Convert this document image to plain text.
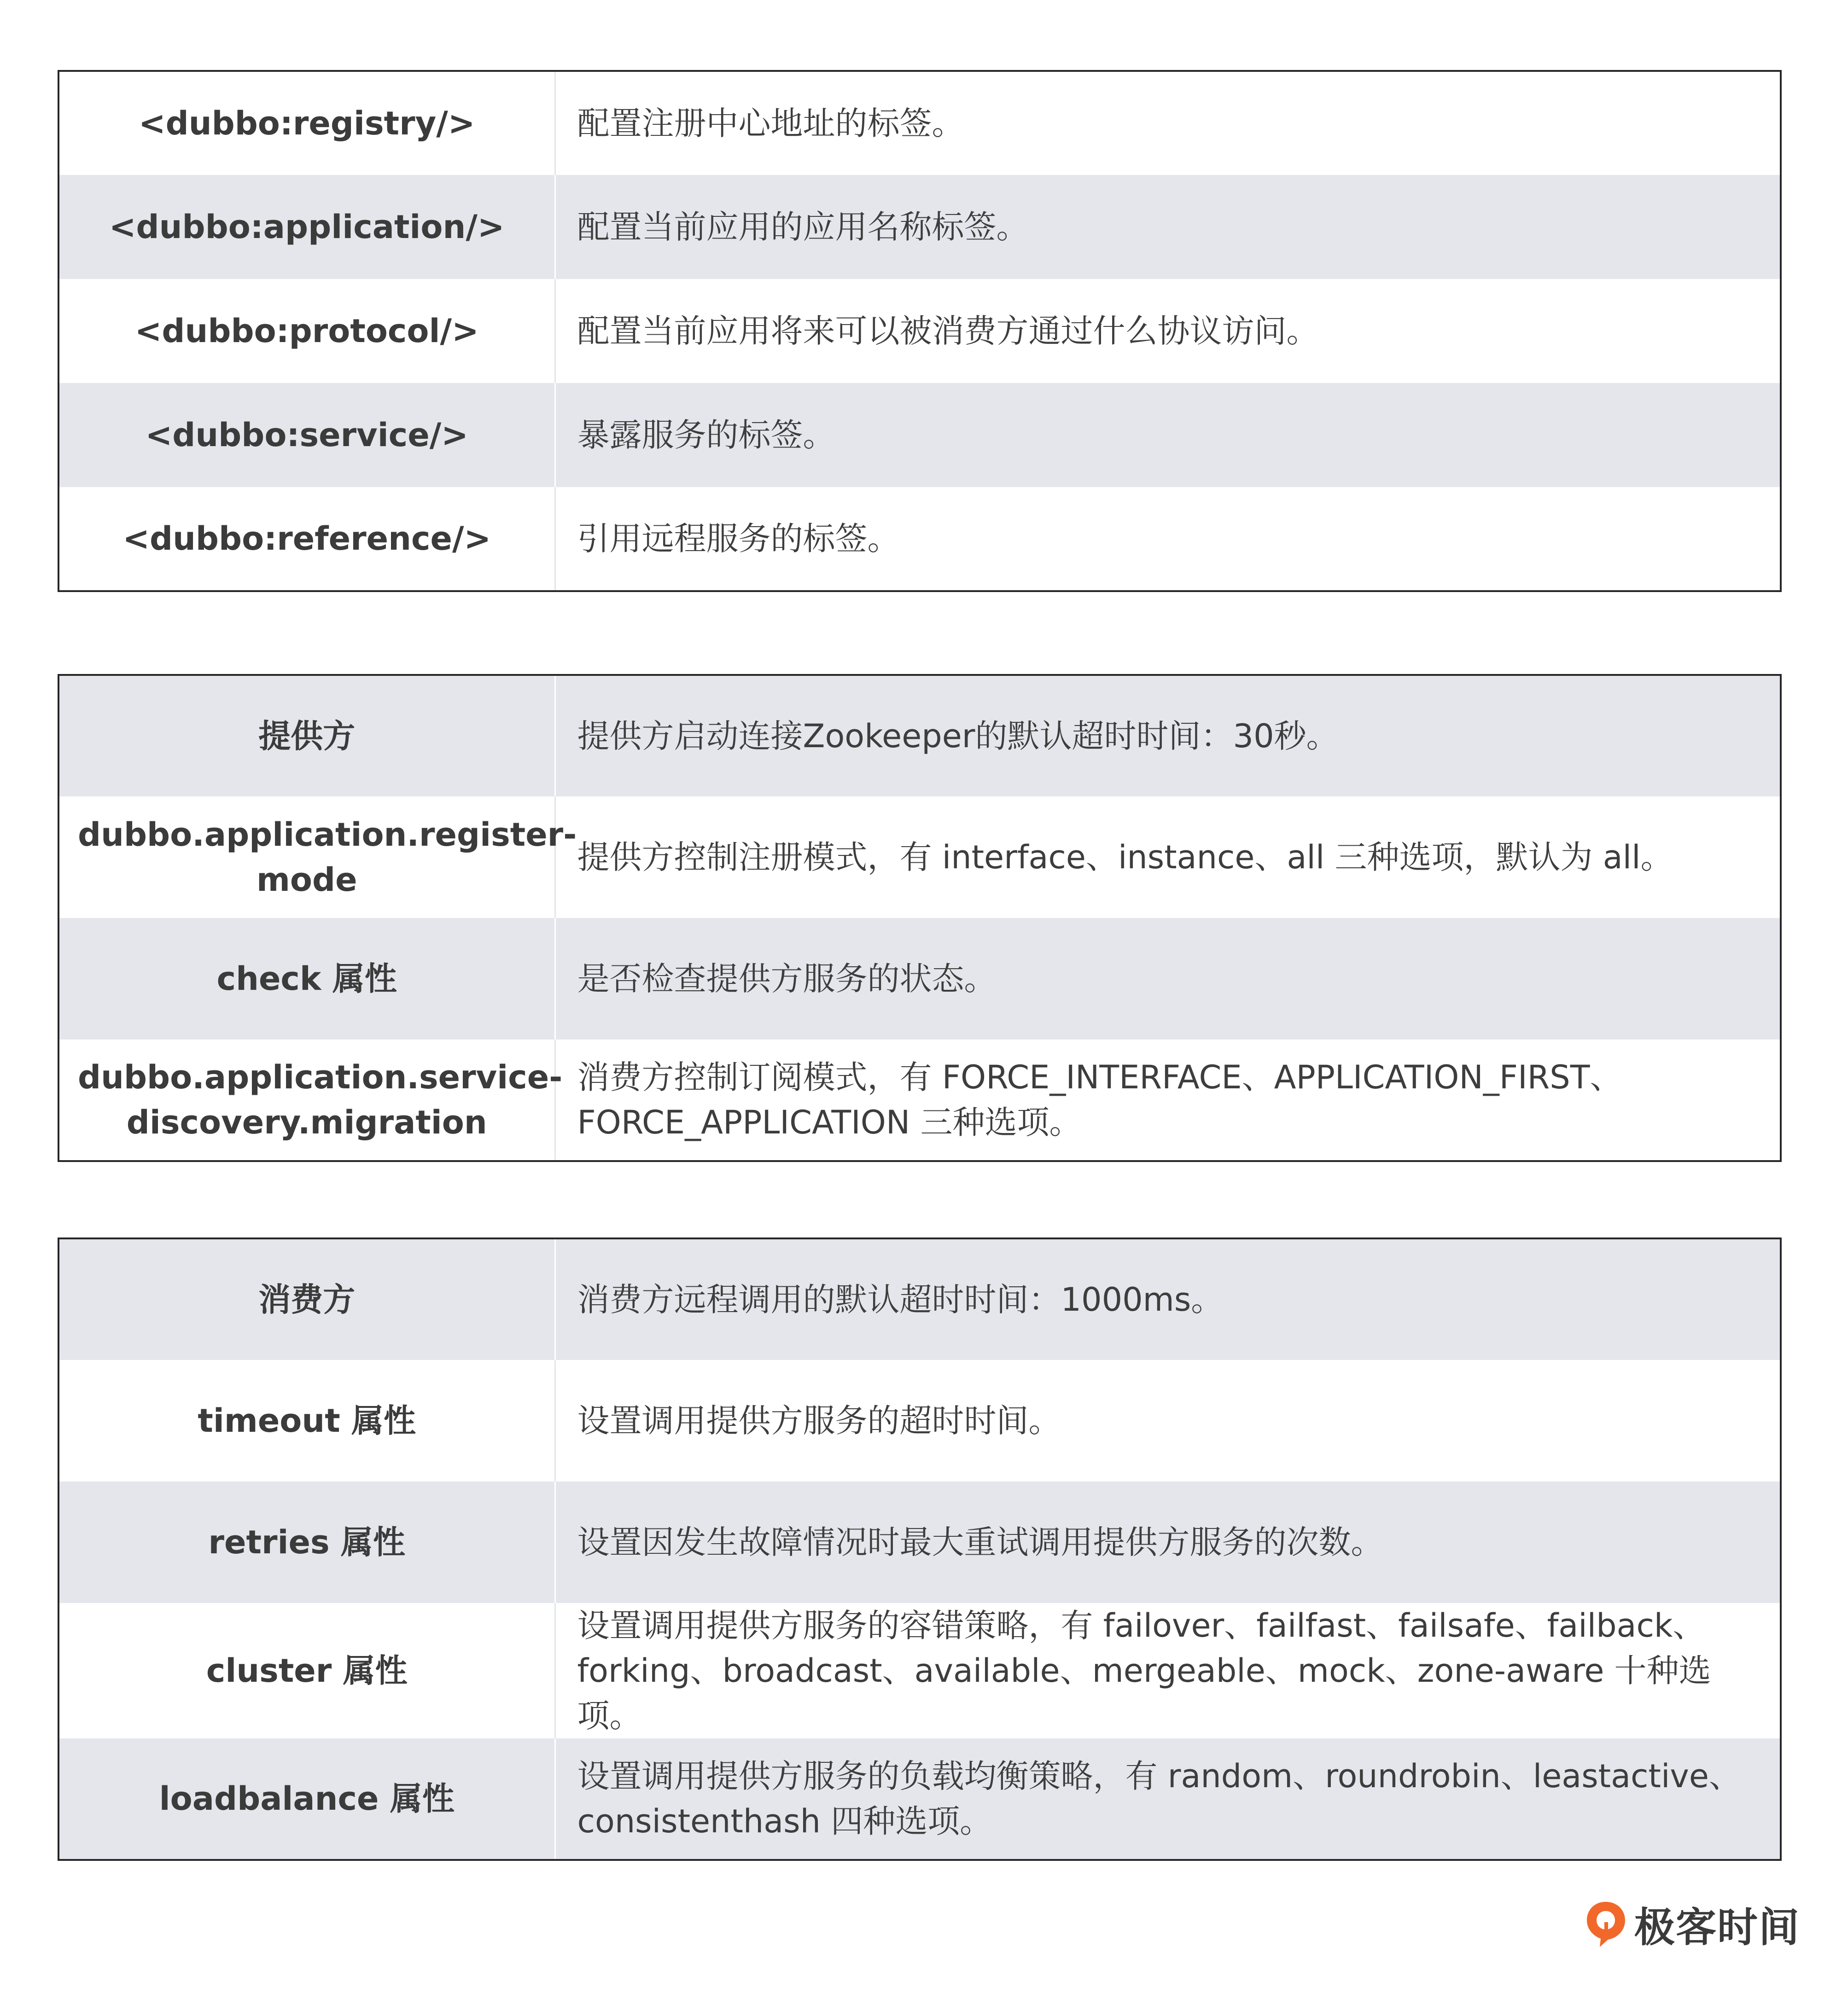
<dubbo:registry/>	配置注册中心地址的标签。
<dubbo:application/>	配置当前应用的应用名称标签。
<dubbo:protocol/>	配置当前应用将来可以被消费方通过什么协议访问。
<dubbo:service/>	暴露服务的标签。
<dubbo:reference/>	引用远程服务的标签。
提供方	提供方启动连接Zookeeper的默认超时时间：30秒。
dubbo.application.register-mode	提供方控制注册模式，有 interface、instance、all 三种选项，默认为 all。
check 属性	是否检查提供方服务的状态。
dubbo.application.service-discovery.migration	消费方控制订阅模式，有 FORCE_INTERFACE、APPLICATION_FIRST、FORCE_APPLICATION 三种选项。
消费方	消费方远程调用的默认超时时间：1000ms。
timeout 属性	设置调用提供方服务的超时时间。
retries 属性	设置因发生故障情况时最大重试调用提供方服务的次数。
cluster 属性	设置调用提供方服务的容错策略，有 failover、failfast、failsafe、failback、forking、broadcast、available、mergeable、mock、zone-aware 十种选项。
loadbalance 属性	设置调用提供方服务的负载均衡策略，有 random、roundrobin、leastactive、consistenthash 四种选项。
极客时间
